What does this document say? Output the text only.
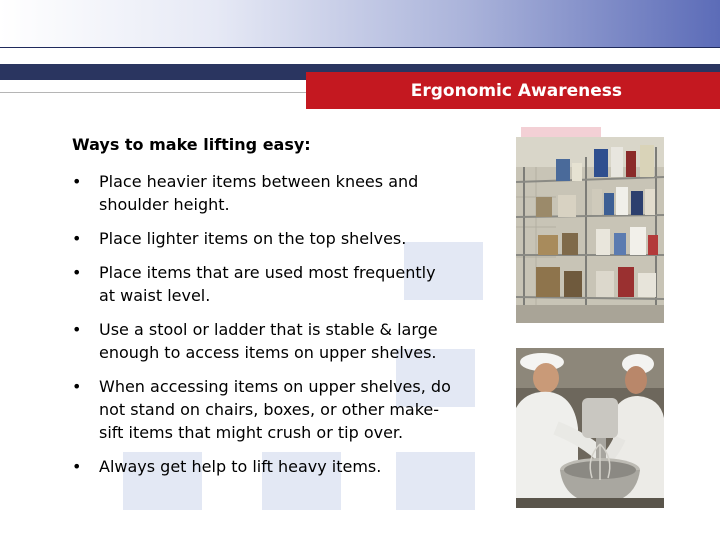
Ergonomic Awareness
Ways to make lifting easy:
• Place heavier items between knees and shoulder height.
• Place lighter items on the top shelves.
• Place items that are used most frequently at waist level.
• Use a stool or ladder that is stable & large enough to access items on upper shelves.
• When accessing items on upper shelves, do not stand on chairs, boxes, or other make-sift items that might crush or tip over.
• Always get help to lift heavy items.
